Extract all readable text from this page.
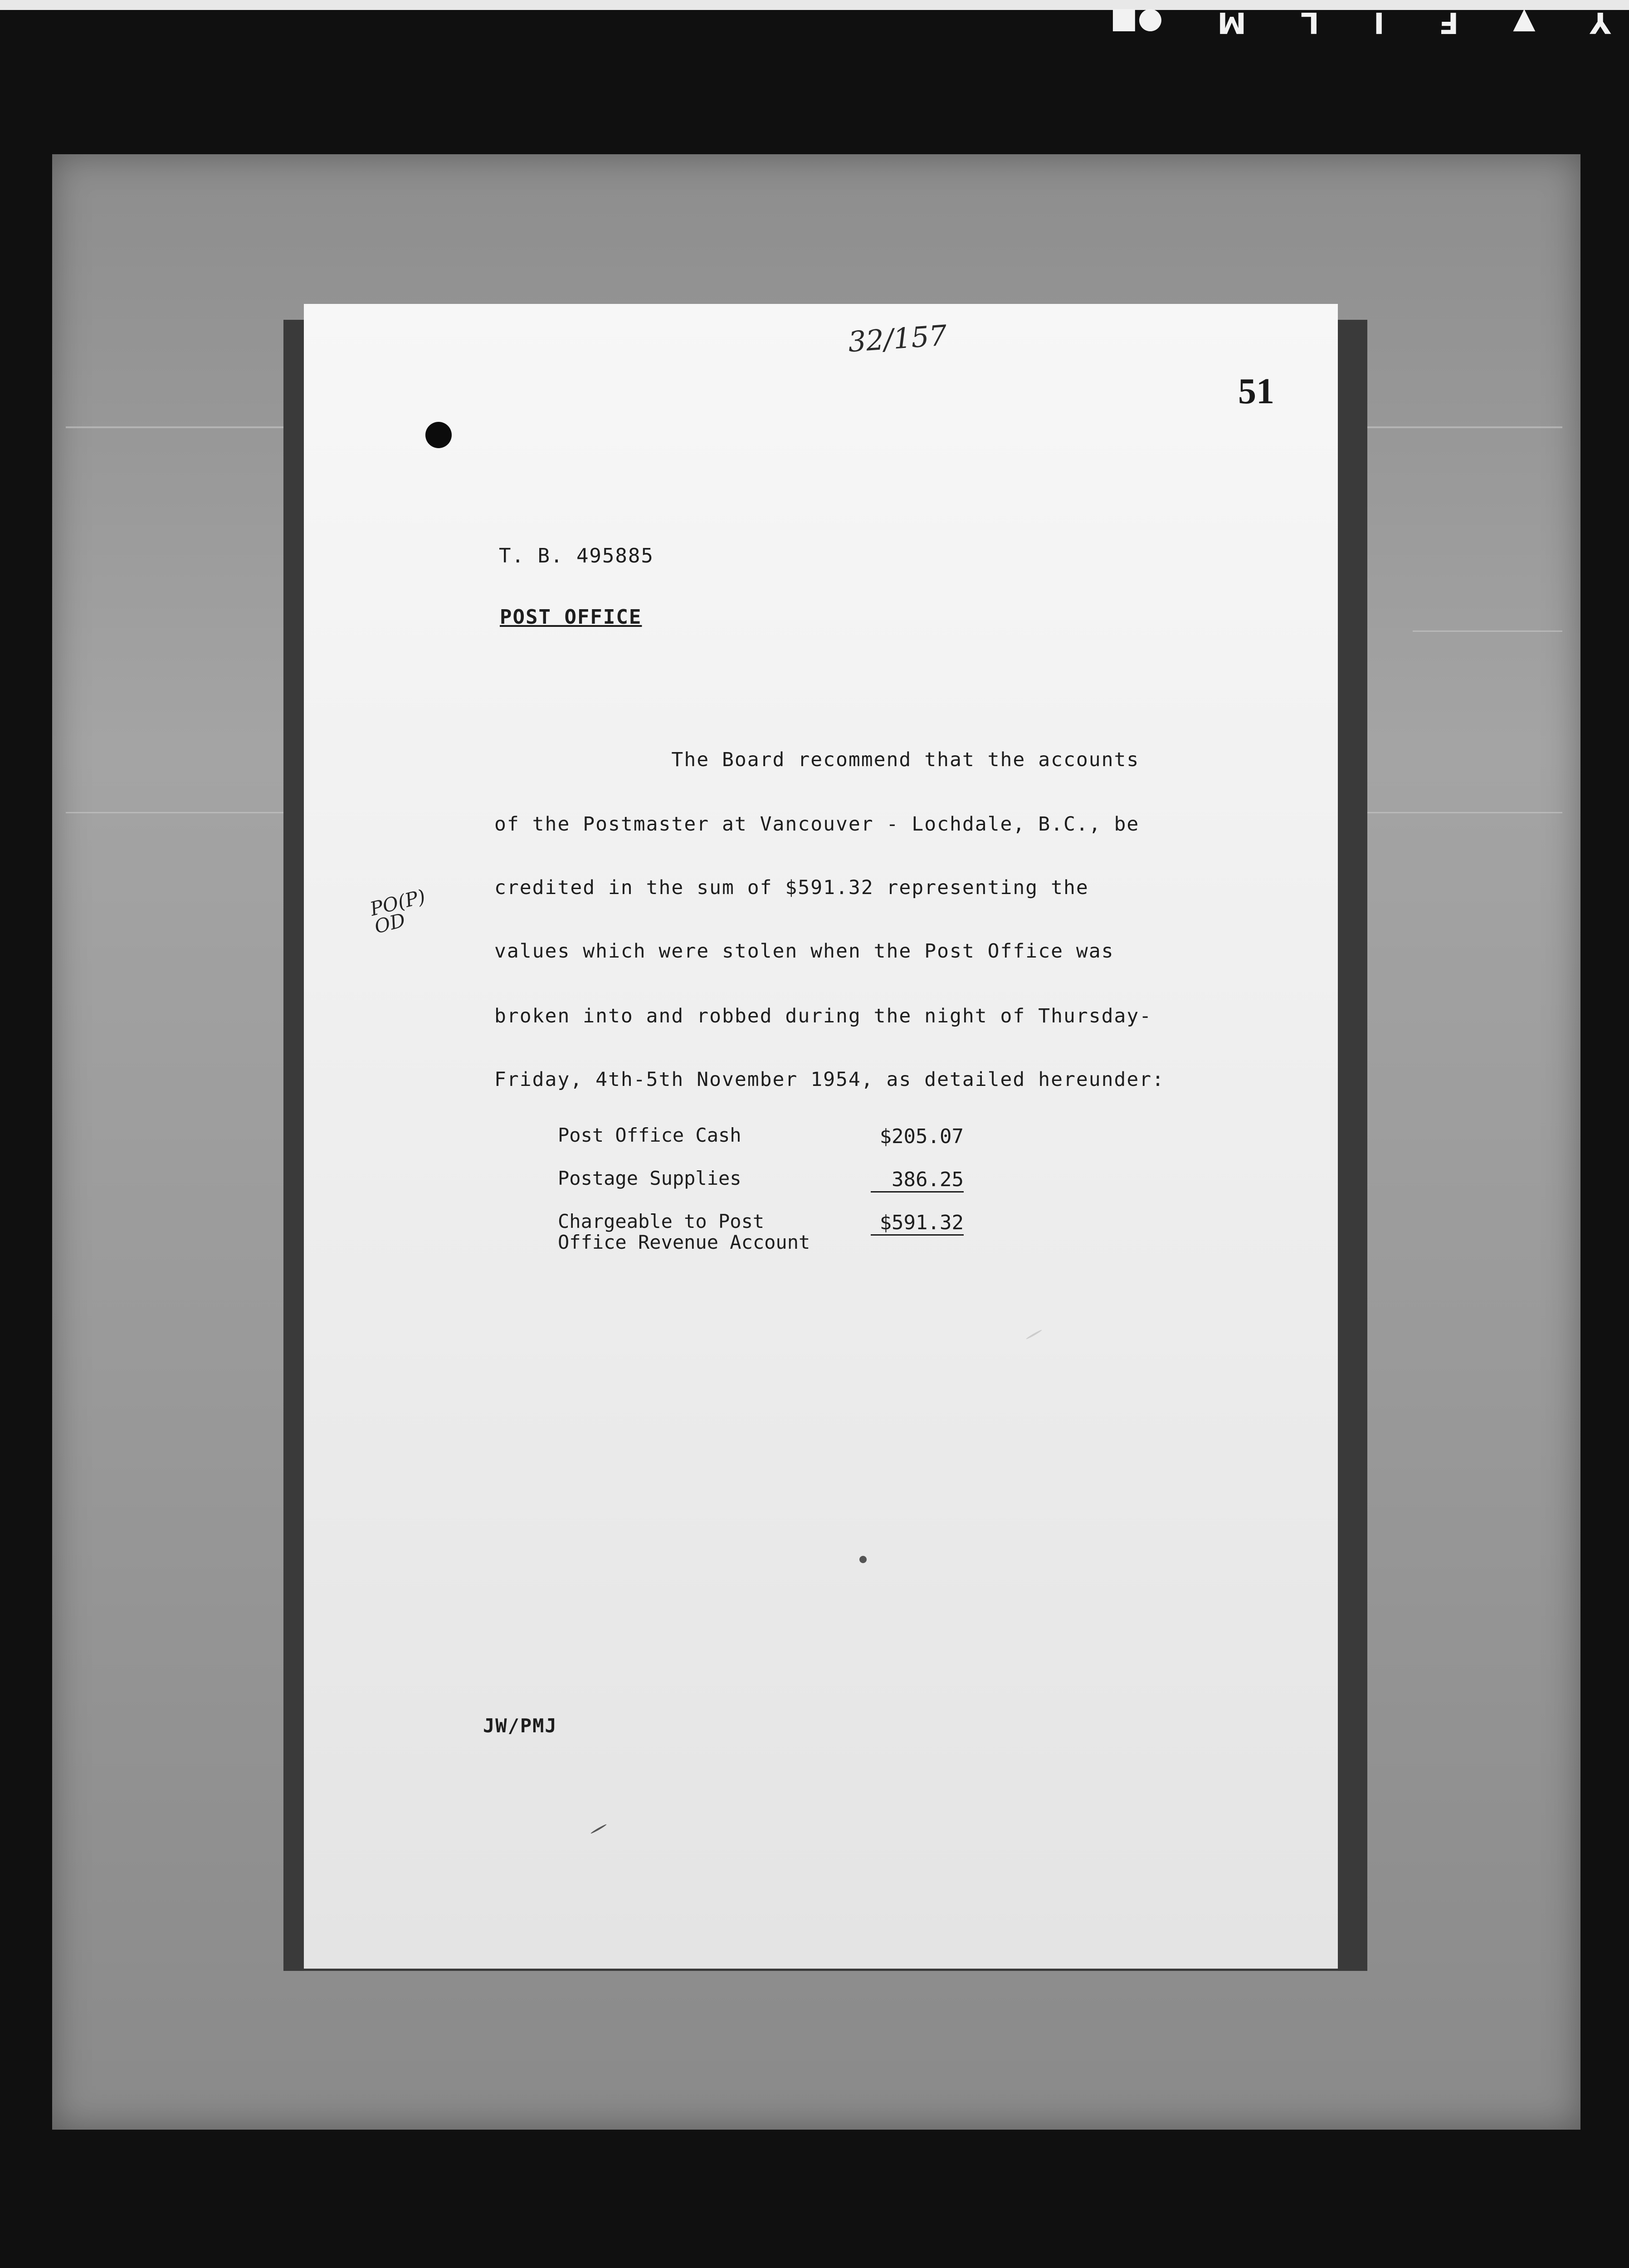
Y
▼
F
I
L
M
●■
32/157
51
PO(P)
OD
T. B. 495885
POST OFFICE
The Board recommend that the accounts
of the Postmaster at Vancouver - Lochdale, B.C., be
credited in the sum of $591.32 representing the
values which were stolen when the Post Office was
broken into and robbed during the night of Thursday-
Friday, 4th-5th November 1954, as detailed hereunder:
Post Office Cash	$205.07
Postage Supplies	386.25
Chargeable to Post
Office Revenue Account
$591.32
JW/PMJ
